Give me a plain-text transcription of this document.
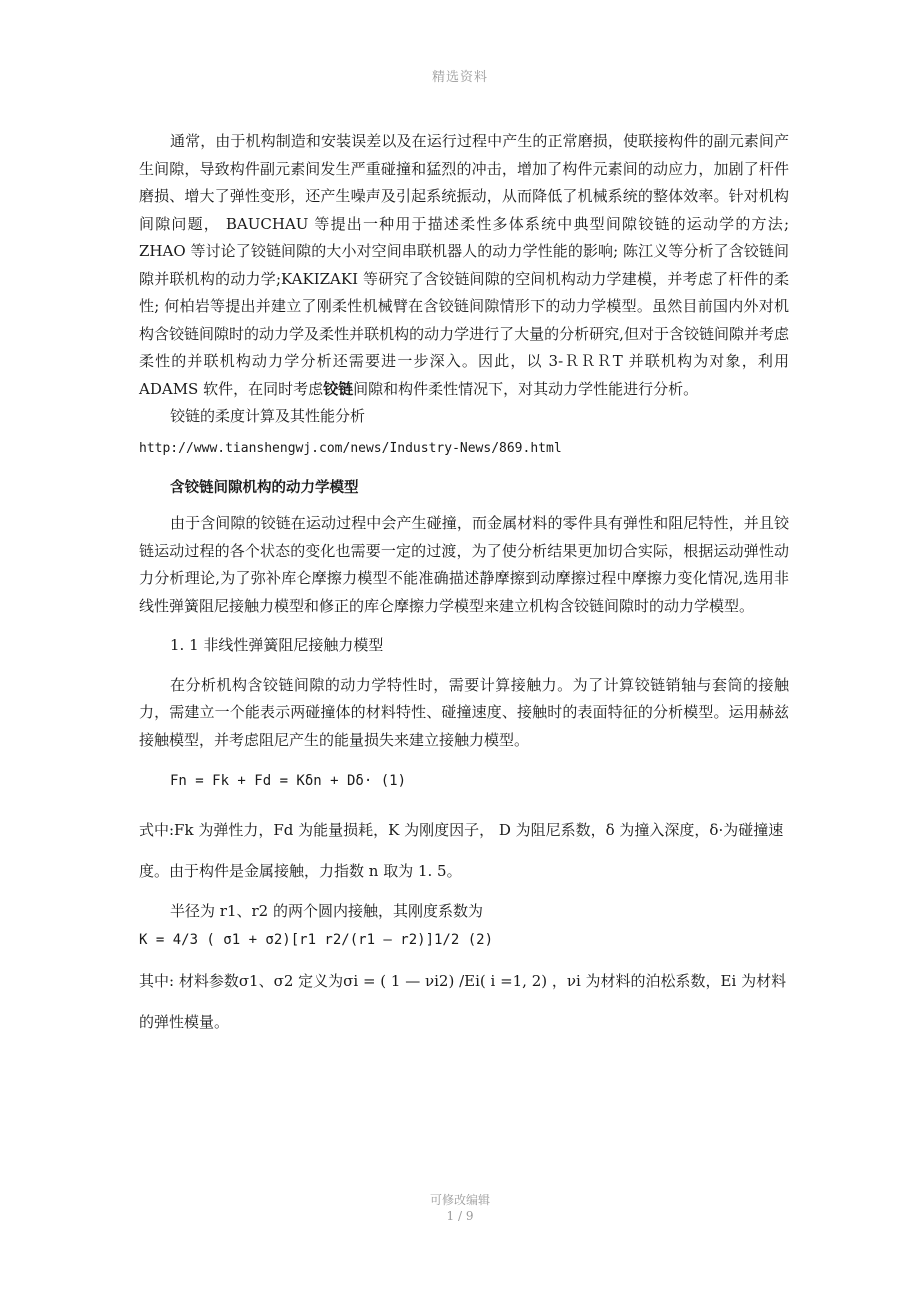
精选资料

通常，由于机构制造和安装误差以及在运行过程中产生的正常磨损，使联接构件的副元素间产生间隙，导致构件副元素间发生严重碰撞和猛烈的冲击，增加了构件元素间的动应力，加剧了杆件磨损、增大了弹性变形，还产生噪声及引起系统振动，从而降低了机械系统的整体效率。针对机构间隙问题， BAUCHAU 等提出一种用于描述柔性多体系统中典型间隙铰链的运动学的方法; ZHAO 等讨论了铰链间隙的大小对空间串联机器人的动力学性能的影响; 陈江义等分析了含铰链间隙并联机构的动力学;KAKIZAKI 等研究了含铰链间隙的空间机构动力学建模，并考虑了杆件的柔性; 何柏岩等提出并建立了刚柔性机械臂在含铰链间隙情形下的动力学模型。虽然目前国内外对机构含铰链间隙时的动力学及柔性并联机构的动力学进行了大量的分析研究,但对于含铰链间隙并考虑柔性的并联机构动力学分析还需要进一步深入。因此，以 3-ＲＲＲT 并联机构为对象，利用 ADAMS 软件，在同时考虑铰链间隙和构件柔性情况下，对其动力学性能进行分析。

铰链的柔度计算及其性能分析

http://www.tianshengwj.com/news/Industry-News/869.html

含铰链间隙机构的动力学模型

由于含间隙的铰链在运动过程中会产生碰撞，而金属材料的零件具有弹性和阻尼特性，并且铰链运动过程的各个状态的变化也需要一定的过渡，为了使分析结果更加切合实际，根据运动弹性动力分析理论,为了弥补库仑摩擦力模型不能准确描述静摩擦到动摩擦过程中摩擦力变化情况,选用非线性弹簧阻尼接触力模型和修正的库仑摩擦力学模型来建立机构含铰链间隙时的动力学模型。

1. 1 非线性弹簧阻尼接触力模型

在分析机构含铰链间隙的动力学特性时，需要计算接触力。为了计算铰链销轴与套筒的接触力，需建立一个能表示两碰撞体的材料特性、碰撞速度、接触时的表面特征的分析模型。运用赫兹接触模型，并考虑阻尼产生的能量损失来建立接触力模型。

Fn = Fk + Fd = Kδn + Dδ· (1)

式中:Fk 为弹性力，Fd 为能量损耗，K 为刚度因子， D 为阻尼系数，δ 为撞入深度，δ·为碰撞速度。由于构件是金属接触，力指数 n 取为 1. 5。

半径为 r1、r2 的两个圆内接触，其刚度系数为

K = 4/3 ( σ1 + σ2)[r1 r2/(r1 — r2)]1/2 (2)

其中: 材料参数σ1、σ2 定义为σi = ( 1 — νi2) /Ei( i =1, 2) ，νi 为材料的泊松系数，Ei 为材料的弹性模量。

可修改编辑
1 / 9
